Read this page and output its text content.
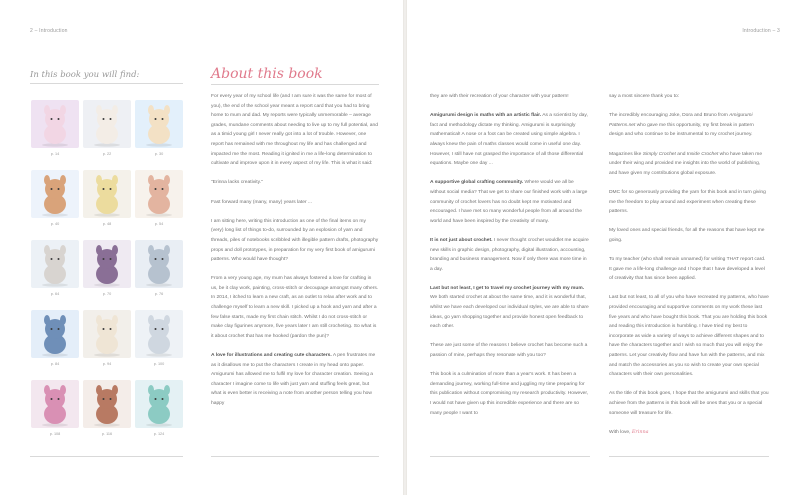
2 – Introduction	Introduction – 3
In this book you will find:
p. 14	p. 22	p. 30
p. 40	p. 48	p. 54
p. 64	p. 70	p. 76
p. 84	p. 94	p. 100
p. 108	p. 116	p. 124
About this book

For every year of my school life (and I am sure it was the same for most of you), the end of the school year meant a report card that you had to bring home to mum and dad. My reports were typically unmemorable – average grades, mundane comments about needing to live up to my full potential, and as a timid young girl I never really got into a lot of trouble. However, one report has remained with me throughout my life and has challenged and impacted me the most. Reading it ignited in me a life-long determination to cultivate and improve upon it in every aspect of my life. This is what it said:

"Erinna lacks creativity."

Fast forward many (many, many) years later ...

I am sitting here, writing this introduction as one of the final items on my (very) long list of things to-do, surrounded by an explosion of yarn and threads, piles of notebooks scribbled with illegible pattern drafts, photography props and doll prototypes, in preparation for my very first book of amigurumi patterns. Who would have thought?

From a very young age, my mum has always fostered a love for crafting in us, be it clay work, painting, cross-stitch or decoupage amongst many others. In 2014, I itched to learn a new craft, as an outlet to relax after work and to challenge myself to learn a new skill. I picked up a hook and yarn and after a few false starts, made my first chain stitch. Whilst I do not cross-stitch or make clay figurines anymore, five years later I am still crocheting. So what is it about crochet that has me hooked (pardon the pun)?

A love for illustrations and creating cute characters. A pen frustrates me as it disallows me to put the characters I create in my head onto paper. Amigurumi has allowed me to fulfil my love for character creation. Seeing a character I imagine come to life with just yarn and stuffing feels great, but what is even better is receiving a note from another person telling you how happy

they are with their recreation of your character with your pattern!

Amigurumi design is maths with an artistic flair. As a scientist by day, fact and methodology dictate my thinking. Amigurumi is surprisingly mathematical! A nose or a foot can be created using simple algebra. I always knew the pain of maths classes would come in useful one day. However, I still have not grasped the importance of all those differential equations. Maybe one day ...

A supportive global crafting community. Where would we all be without social media? That we get to share our finished work with a large community of crochet lovers has no doubt kept me motivated and encouraged. I have met so many wonderful people from all around the world and have been inspired by the creativity of many.

It is not just about crochet. I never thought crochet wouldlet me acquire new skills in graphic design, photography, digital illustration, accounting, branding and business management. Now if only there was more time in a day.

Last but not least, I get to travel my crochet journey with my mum. We both started crochet at about the same time, and it is wonderful that, whilst we have each developed our individual styles, we are able to share ideas, go yarn shopping together and provide honest open feedback to each other.

These are just some of the reasons I believe crochet has become such a passion of mine, perhaps they resonate with you too?

This book is a culmination of more than a year's work. It has been a demanding journey, working full-time and juggling my time preparing for this publication without compromising my research productivity. However, I would not have given up this incredible experience and there are so many people I want to

say a most sincere thank you to:

The incredibly encouraging Joke, Dora and Bruno from Amigurumi Patterns.net who gave me this opportunity, my first break in pattern design and who continue to be instrumental to my crochet journey.

Magazines like Simply Crochet and Inside Crochet who have taken me under their wing and provided me insights into the world of publishing, and have given my contributions global exposure.

DMC for so generously providing the yarn for this book and in turn giving me the freedom to play around and experiment when creating these patterns.

My loved ones and special friends, for all the reasons that have kept me going.

To my teacher (who shall remain unnamed) for writing THAT report card. It gave me a life-long challenge and I hope that I have developed a level of creativity that has since been applied.

Last but not least, to all of you who have recreated my patterns, who have provided encouraging and supportive comments on my work these last five years and who have bought this book. That you are holding this book and reading this introduction is humbling. I have tried my best to incorporate as wide a variety of ways to achieve different shapes and to have the characters together and I wish so much that you will enjoy the patterns. Let your creativity flow and have fun with the patterns, and mix and match the accessories as you so wish to create your own special characters with their own personalities.

As the title of this book goes, I hope that the amigurumi and skills that you achieve from the patterns in this book will be ones that you or a special someone will treasure for life.

With love, Erinna
